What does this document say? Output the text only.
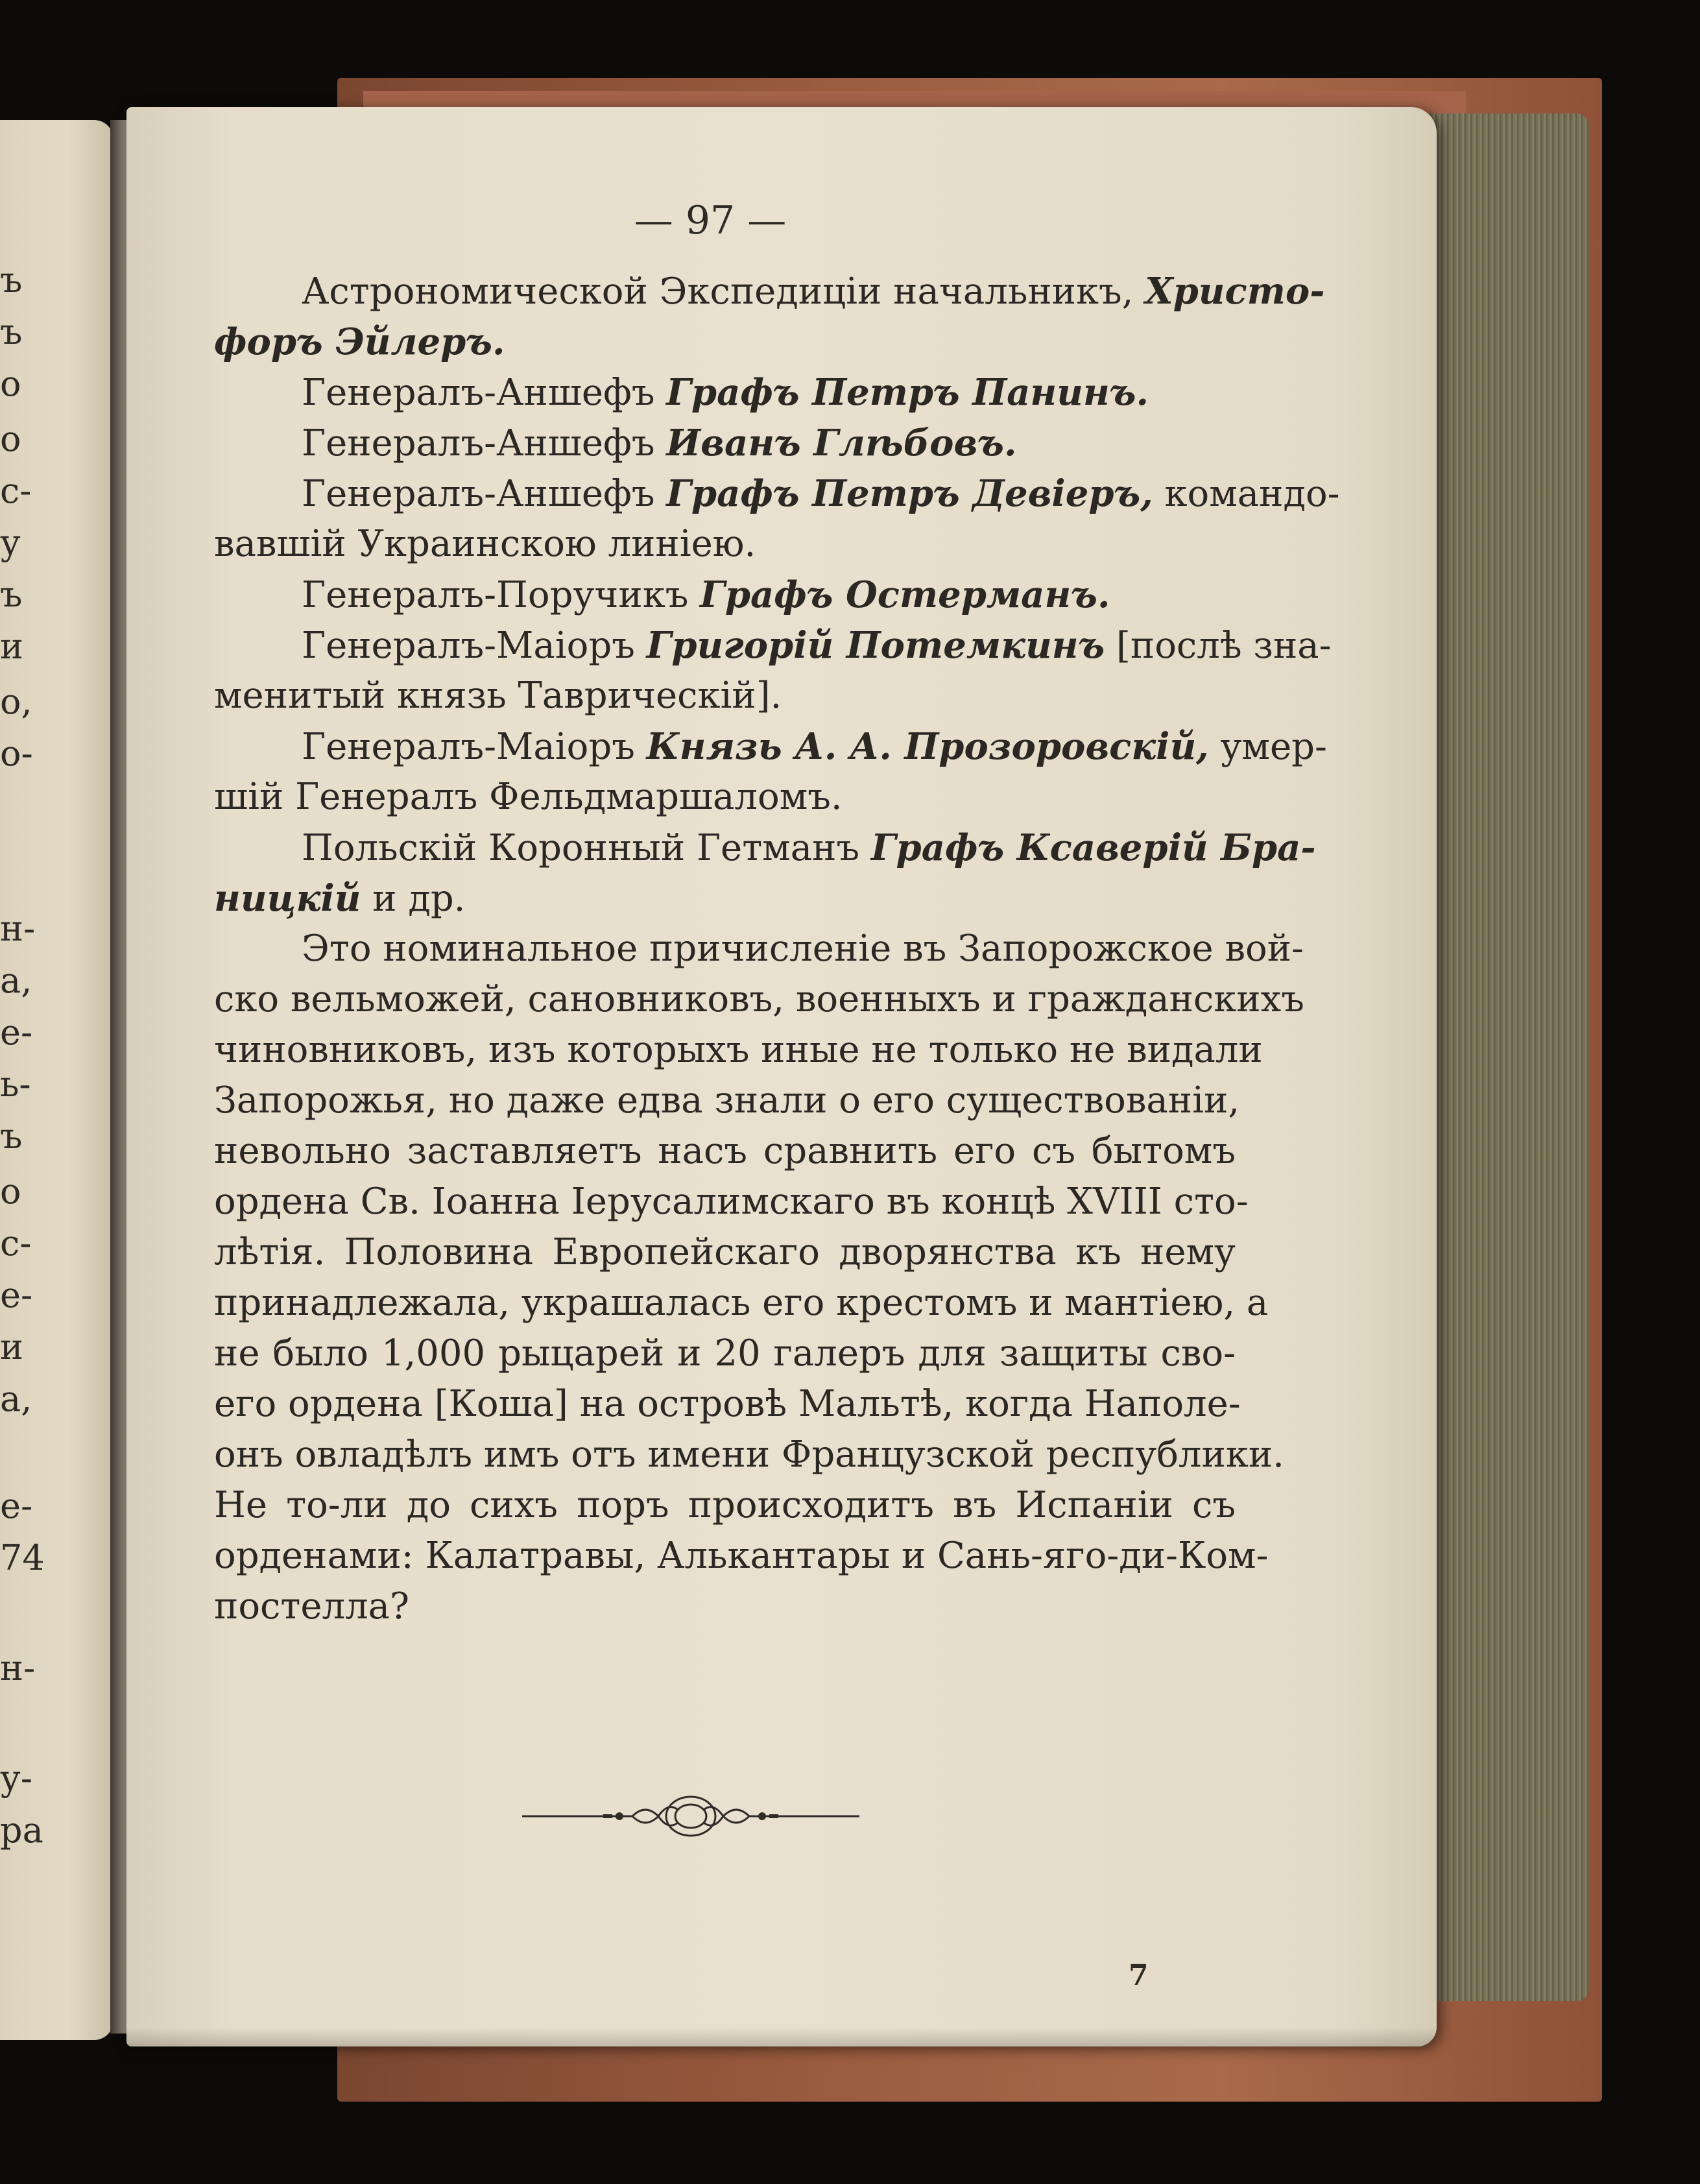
ъ
ъ
о
о
с-
у
ъ
и
о,
о-
н-
а,
е-
ь-
ъ
о
с-
е-
и
а,
е-
74
н-
у-
ра
— 97 —
Астрономической Экспедиціи начальникъ, Христо-
форъ Эйлеръ.
Генералъ-Аншефъ Графъ Петръ Панинъ.
Генералъ-Аншефъ Иванъ Глѣбовъ.
Генералъ-Аншефъ Графъ Петръ Девіеръ, командо-
вавшій Украинскою линіею.
Генералъ-Поручикъ Графъ Остерманъ.
Генералъ-Маіоръ Григорій Потемкинъ [послѣ зна-
менитый князь Таврическій].
Генералъ-Маіоръ Князь А. А. Прозоровскій, умер-
шій Генералъ Фельдмаршаломъ.
Польскій Коронный Гетманъ Графъ Ксаверій Бра-
ницкій и др.
Это номинальное причисленіе въ Запорожское вой-
ско вельможей, сановниковъ, военныхъ и гражданскихъ
чиновниковъ, изъ которыхъ иные не только не видали
Запорожья, но даже едва знали о его существованіи,
невольно заставляетъ насъ сравнить его съ бытомъ
ордена Св. Іоанна Іерусалимскаго въ концѣ XVIII сто-
лѣтія. Половина Европейскаго дворянства къ нему
принадлежала, украшалась его крестомъ и мантіею, а
не было 1,000 рыцарей и 20 галеръ для защиты сво-
его ордена [Коша] на островѣ Мальтѣ, когда Наполе-
онъ овладѣлъ имъ отъ имени Французской республики.
Не то-ли до сихъ поръ происходитъ въ Испаніи съ
орденами: Калатравы, Алькантары и Сань-яго-ди-Ком-
постелла?
7
